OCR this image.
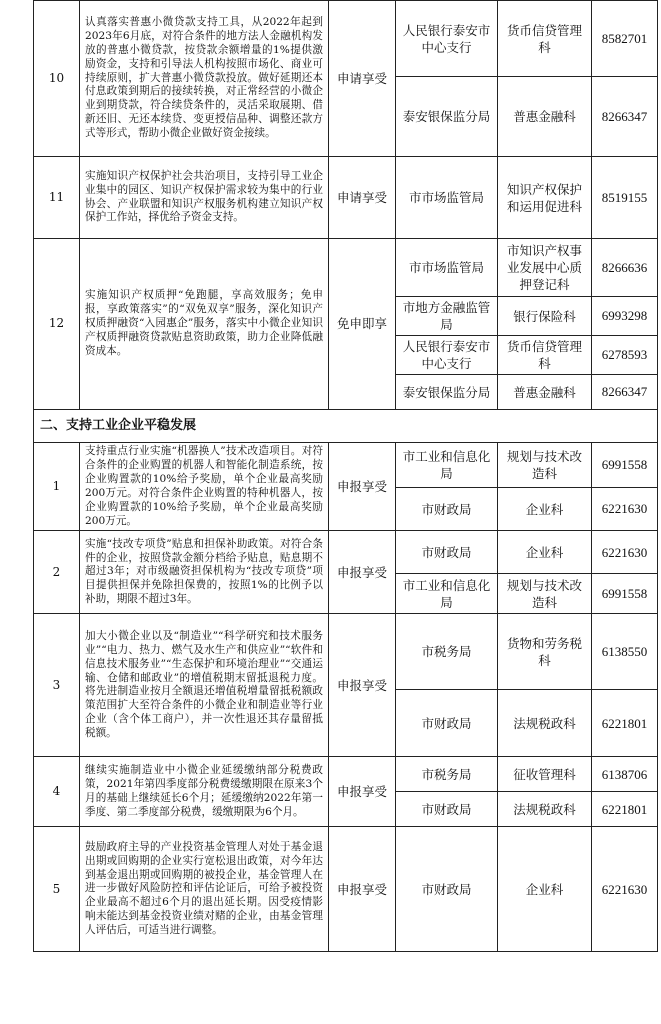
10	认真落实普惠小微贷款支持工具，从2022年起到2023年6月底，对符合条件的地方法人金融机构发放的普惠小微贷款，按贷款余额增量的1%提供激励资金，支持和引导法人机构按照市场化、商业可持续原则，扩大普惠小微贷款投放。做好延期还本付息政策到期后的接续转换，对正常经营的小微企业到期贷款，符合续贷条件的，灵活采取展期、借新还旧、无还本续贷、变更授信品种、调整还款方式等形式，帮助小微企业做好资金接续。	申请享受	人民银行泰安市中心支行	货币信贷管理科	8582701
			泰安银保监分局	普惠金融科	8266347
11	实施知识产权保护社会共治项目，支持引导工业企业集中的园区、知识产权保护需求较为集中的行业协会、产业联盟和知识产权服务机构建立知识产权保护工作站，择优给予资金支持。	申请享受	市市场监管局	知识产权保护和运用促进科	8519155
12	实施知识产权质押“免跑腿，享高效服务；免申报，享政策落实”的“双免双享”服务，深化知识产权质押融资“入园惠企”服务，落实中小微企业知识产权质押融资贷款贴息资助政策，助力企业降低融资成本。	免申即享	市市场监管局	市知识产权事业发展中心质押登记科	8266636
			市地方金融监管局	银行保险科	6993298
			人民银行泰安市中心支行	货币信贷管理科	6278593
			泰安银保监分局	普惠金融科	8266347
二、支持工业企业平稳发展					
1	支持重点行业实施“机器换人”技术改造项目。对符合条件的企业购置的机器人和智能化制造系统，按企业购置款的10%给予奖励，单个企业最高奖励200万元。对符合条件企业购置的特种机器人，按企业购置款的10%给予奖励，单个企业最高奖励200万元。	申报享受	市工业和信息化局	规划与技术改造科	6991558
			市财政局	企业科	6221630
2	实施“技改专项贷”贴息和担保补助政策。对符合条件的企业，按照贷款金额分档给予贴息，贴息期不超过3年；对市级融资担保机构为“技改专项贷”项目提供担保并免除担保费的，按照1%的比例予以补助，期限不超过3年。	申报享受	市财政局	企业科	6221630
			市工业和信息化局	规划与技术改造科	6991558
3	加大小微企业以及“制造业”“科学研究和技术服务业”“电力、热力、燃气及水生产和供应业”“软件和信息技术服务业”“生态保护和环境治理业”“交通运输、仓储和邮政业”的增值税期末留抵退税力度。将先进制造业按月全额退还增值税增量留抵税额政策范围扩大至符合条件的小微企业和制造业等行业企业（含个体工商户），并一次性退还其存量留抵税额。	申报享受	市税务局	货物和劳务税科	6138550
			市财政局	法规税政科	6221801
4	继续实施制造业中小微企业延缓缴纳部分税费政策，2021年第四季度部分税费缓缴期限在原来3个月的基础上继续延长6个月；延缓缴纳2022年第一季度、第二季度部分税费，缓缴期限为6个月。	申报享受	市税务局	征收管理科	6138706
			市财政局	法规税政科	6221801
5	鼓励政府主导的产业投资基金管理人对处于基金退出期或回购期的企业实行宽松退出政策，对今年达到基金退出期或回购期的被投企业，基金管理人在进一步做好风险防控和评估论证后，可给予被投资企业最高不超过6个月的退出延长期。因受疫情影响未能达到基金投资业绩对赌的企业，由基金管理人评估后，可适当进行调整。	申报享受	市财政局	企业科	6221630
